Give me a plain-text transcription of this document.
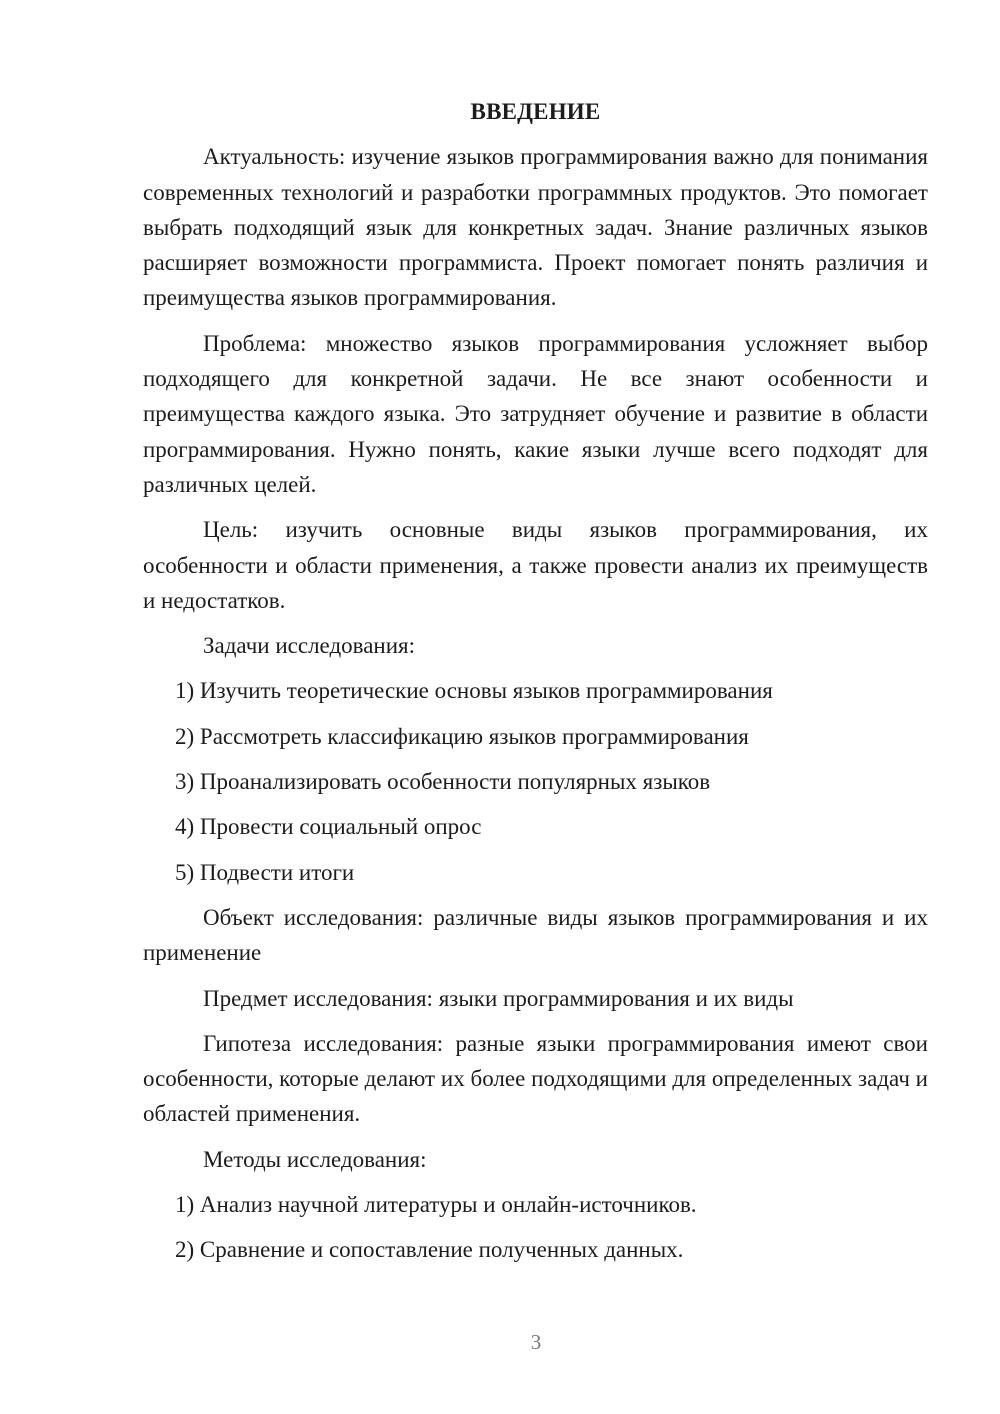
ВВЕДЕНИЕ

Актуальность: изучение языков программирования важно для понимания современных технологий и разработки программных продуктов. Это помогает выбрать подходящий язык для конкретных задач. Знание различных языков расширяет возможности программиста. Проект помогает понять различия и преимущества языков программирования.

Проблема: множество языков программирования усложняет выбор подходящего для конкретной задачи. Не все знают особенности и преимущества каждого языка. Это затрудняет обучение и развитие в области программирования. Нужно понять, какие языки лучше всего подходят для различных целей.

Цель: изучить основные виды языков программирования, их особенности и области применения, а также провести анализ их преимуществ и недостатков.

Задачи исследования:

1) Изучить теоретические основы языков программирования

2) Рассмотреть классификацию языков программирования

3) Проанализировать особенности популярных языков

4) Провести социальный опрос

5) Подвести итоги

Объект исследования: различные виды языков программирования и их применение

Предмет исследования: языки программирования и их виды

Гипотеза исследования: разные языки программирования имеют свои особенности, которые делают их более подходящими для определенных задач и областей применения.

Методы исследования:

1) Анализ научной литературы и онлайн-источников.

2) Сравнение и сопоставление полученных данных.

3
